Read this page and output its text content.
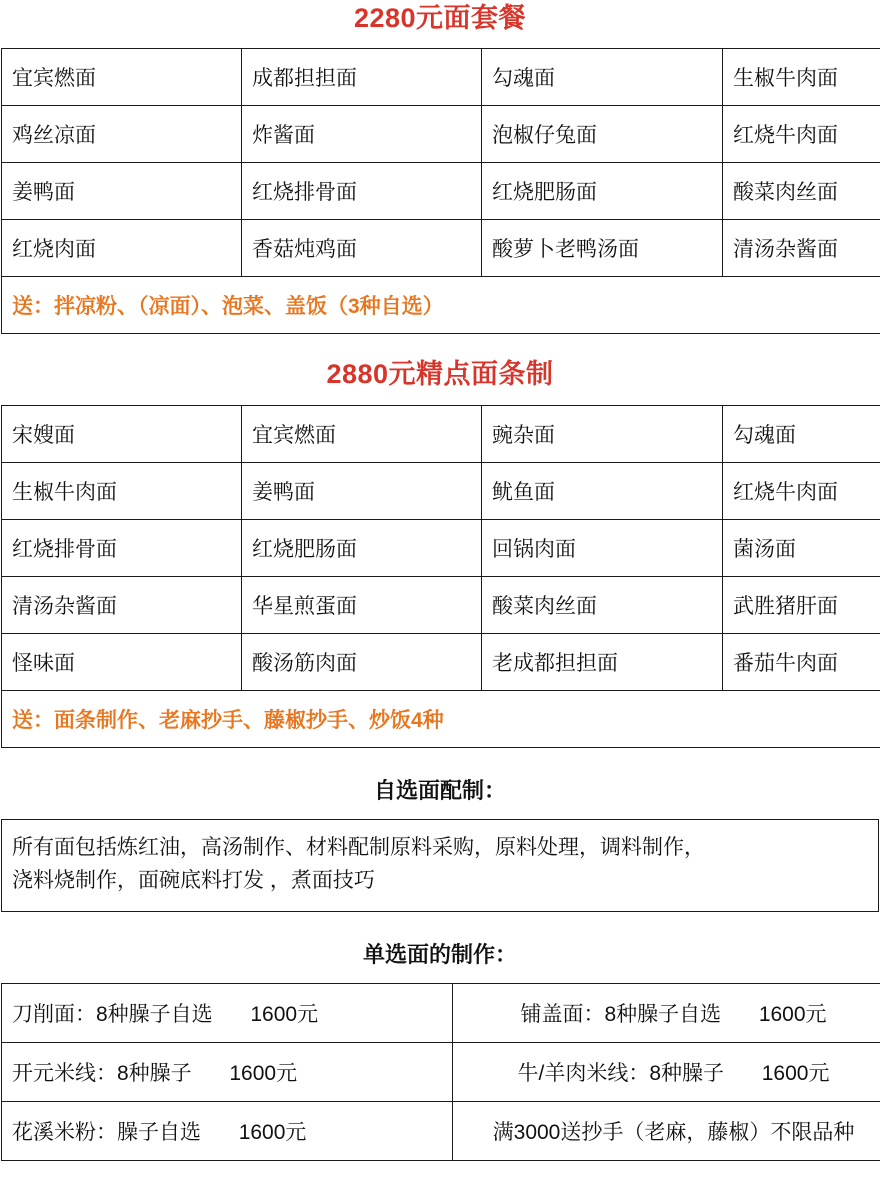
2280元面套餐
宜宾燃面	成都担担面	勾魂面	生椒牛肉面
鸡丝凉面	炸酱面	泡椒仔兔面	红烧牛肉面
姜鸭面	红烧排骨面	红烧肥肠面	酸菜肉丝面
红烧肉面	香菇炖鸡面	酸萝卜老鸭汤面	清汤杂酱面
送：拌凉粉、（凉面）、泡菜、盖饭（3种自选）			
2880元精点面条制
宋嫂面	宜宾燃面	豌杂面	勾魂面
生椒牛肉面	姜鸭面	鱿鱼面	红烧牛肉面
红烧排骨面	红烧肥肠面	回锅肉面	菌汤面
清汤杂酱面	华星煎蛋面	酸菜肉丝面	武胜猪肝面
怪味面	酸汤筋肉面	老成都担担面	番茄牛肉面
送：面条制作、老麻抄手、藤椒抄手、炒饭4种			
自选面配制：

所有面包括炼红油，高汤制作、材料配制原料采购，原料处理，调料制作，

浇料烧制作，面碗底料打发 ，煮面技巧

单选面的制作：
刀削面：8种臊子自选 1600元	铺盖面：8种臊子自选 1600元
开元米线：8种臊子 1600元	牛/羊肉米线：8种臊子 1600元
花溪米粉：臊子自选 1600元	满3000送抄手（老麻，藤椒）不限品种
